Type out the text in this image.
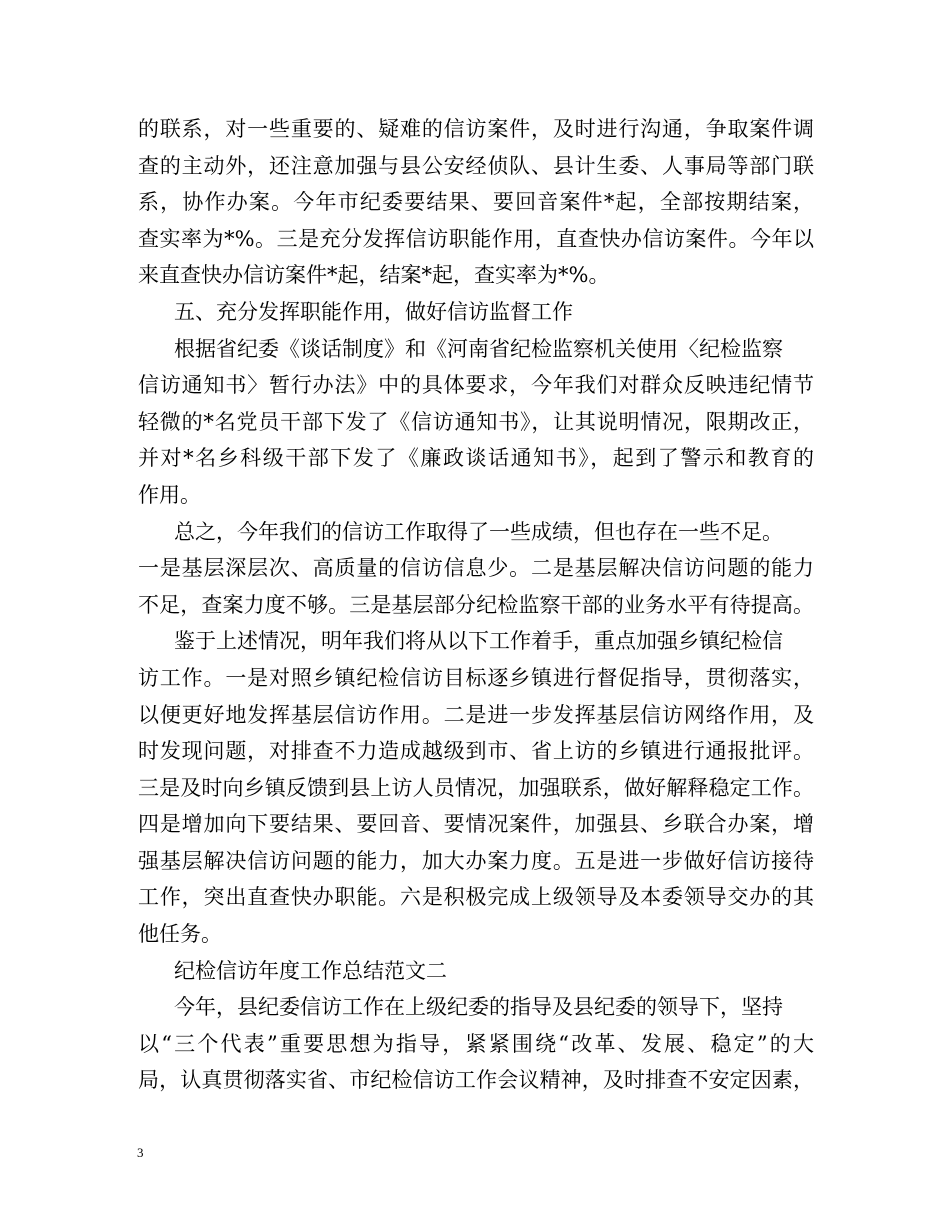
的联系，对一些重要的、疑难的信访案件，及时进行沟通，争取案件调
查的主动外，还注意加强与县公安经侦队、县计生委、人事局等部门联
系，协作办案。今年市纪委要结果、要回音案件*起，全部按期结案，
查实率为*%。三是充分发挥信访职能作用，直查快办信访案件。今年以
来直查快办信访案件*起，结案*起，查实率为*%。
五、充分发挥职能作用，做好信访监督工作
根据省纪委《谈话制度》和《河南省纪检监察机关使用〈纪检监察
信访通知书〉暂行办法》中的具体要求，今年我们对群众反映违纪情节
轻微的*名党员干部下发了《信访通知书》，让其说明情况，限期改正，
并对*名乡科级干部下发了《廉政谈话通知书》，起到了警示和教育的
作用。
总之，今年我们的信访工作取得了一些成绩，但也存在一些不足。
一是基层深层次、高质量的信访信息少。二是基层解决信访问题的能力
不足，查案力度不够。三是基层部分纪检监察干部的业务水平有待提高。
鉴于上述情况，明年我们将从以下工作着手，重点加强乡镇纪检信
访工作。一是对照乡镇纪检信访目标逐乡镇进行督促指导，贯彻落实，
以便更好地发挥基层信访作用。二是进一步发挥基层信访网络作用，及
时发现问题，对排查不力造成越级到市、省上访的乡镇进行通报批评。
三是及时向乡镇反馈到县上访人员情况，加强联系，做好解释稳定工作。
四是增加向下要结果、要回音、要情况案件，加强县、乡联合办案，增
强基层解决信访问题的能力，加大办案力度。五是进一步做好信访接待
工作，突出直查快办职能。六是积极完成上级领导及本委领导交办的其
他任务。
纪检信访年度工作总结范文二
今年，县纪委信访工作在上级纪委的指导及县纪委的领导下，坚持
以“三个代表”重要思想为指导，紧紧围绕“改革、发展、稳定”的大
局，认真贯彻落实省、市纪检信访工作会议精神，及时排查不安定因素，
3
